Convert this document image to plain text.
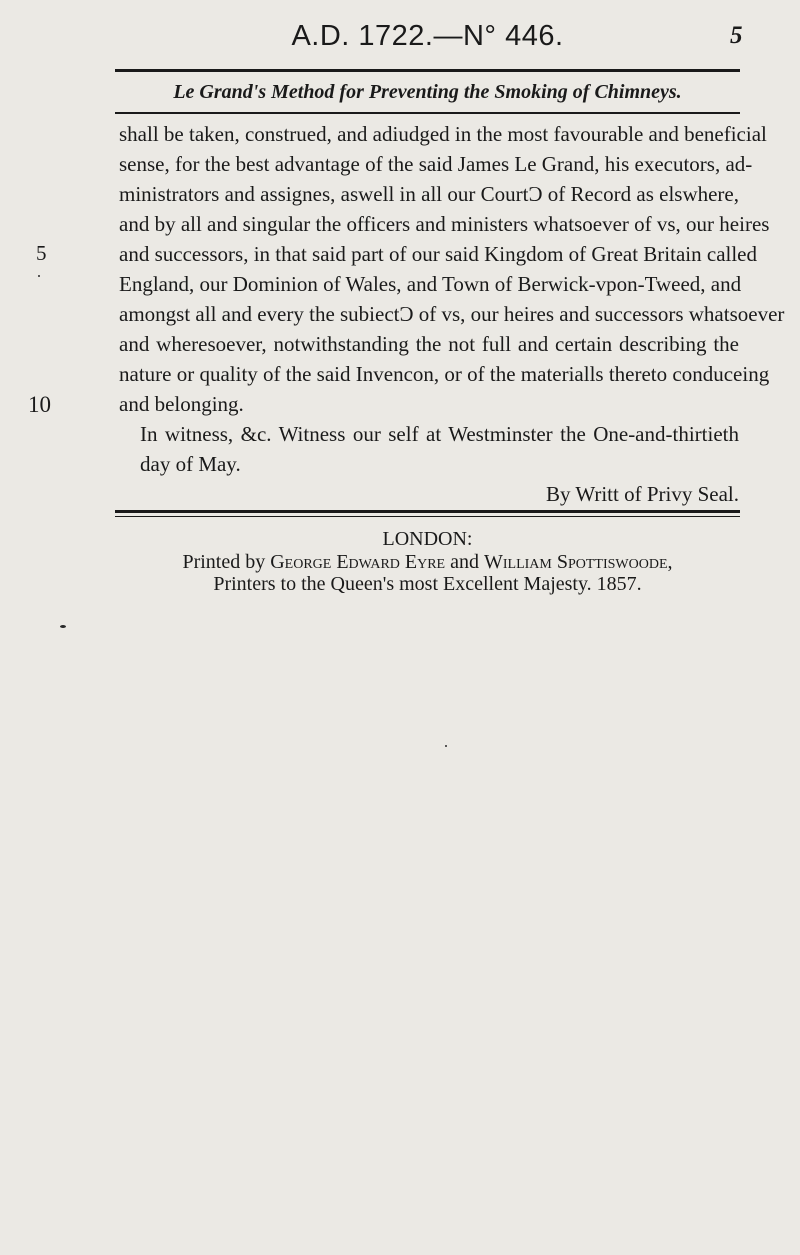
A.D. 1722.—N° 446.	5
Le Grand's Method for Preventing the Smoking of Chimneys.
shall be taken, construed, and adiudged in the most favourable and beneficial
sense, for the best advantage of the said James Le Grand, his executors, ad-
ministrators and assignes, aswell in all our CourtƆ of Record as elswhere,
and by all and singular the officers and ministers whatsoever of vs, our heires
5	and successors, in that said part of our said Kingdom of Great Britain called
England, our Dominion of Wales, and Town of Berwick-vpon-Tweed, and
amongst all and every the subiectƆ of vs, our heires and successors whatsoever
and wheresoever, notwithstanding the not full and certain describing the
nature or quality of the said Invencon, or of the materialls thereto conduceing
10	and belonging.
In witness, &c. Witness our self at Westminster the One-and-thirtieth
day of May.
By Writt of Privy Seal.
LONDON:
Printed by George Edward Eyre and William Spottiswoode,
Printers to the Queen's most Excellent Majesty. 1857.
